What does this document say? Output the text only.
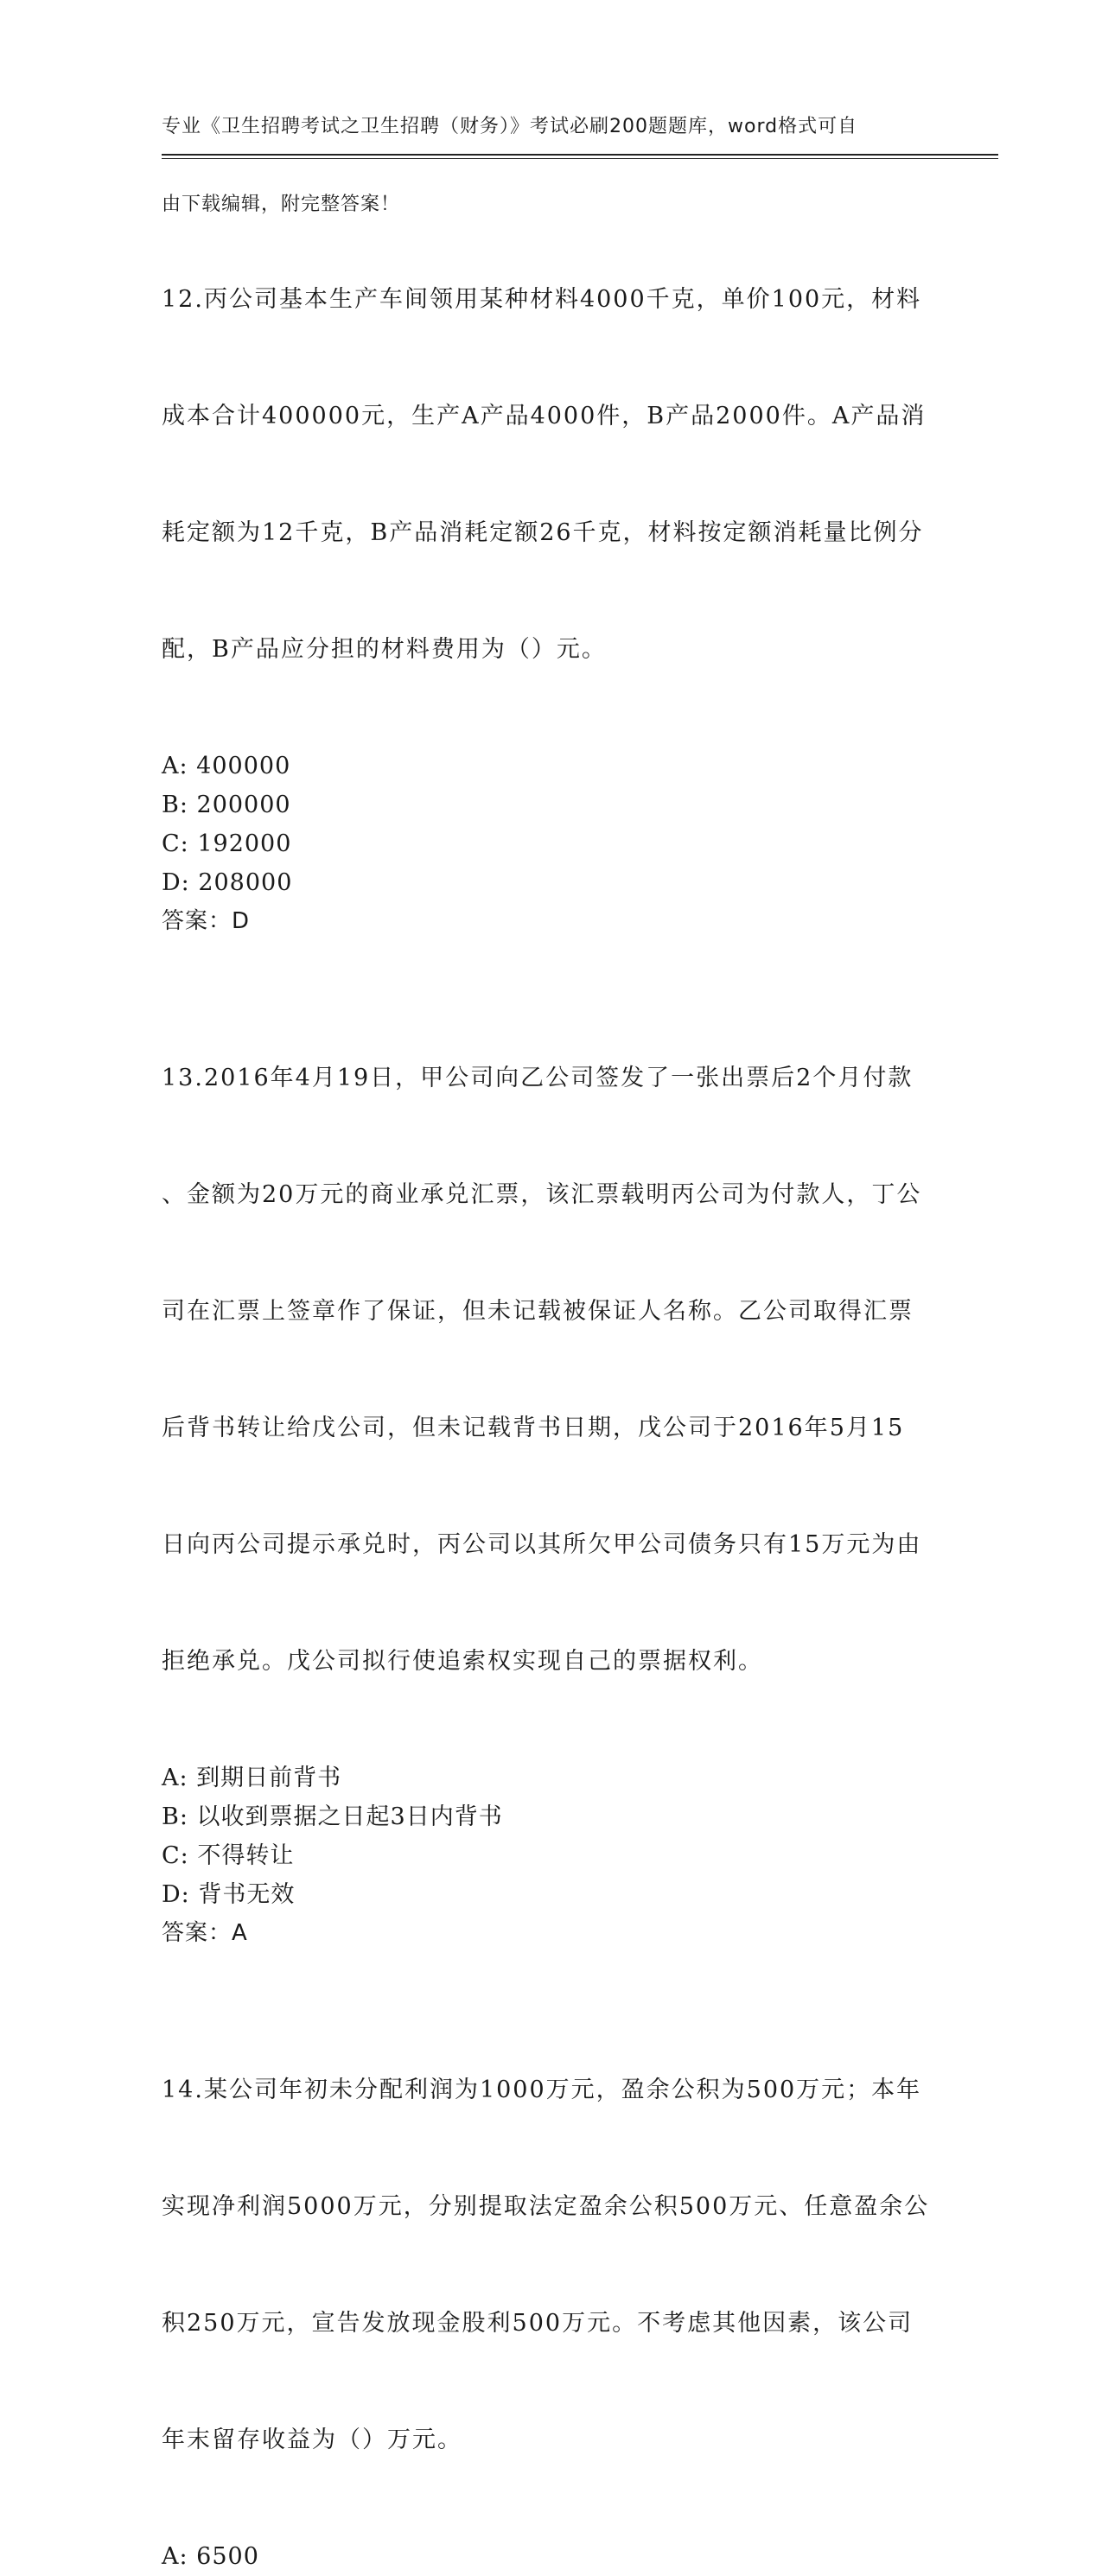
专业《卫生招聘考试之卫生招聘（财务）》考试必刷200题题库，word格式可自

由下载编辑，附完整答案！

12.丙公司基本生产车间领用某种材料4000千克，单价100元，材料

成本合计400000元，生产A产品4000件，B产品2000件。A产品消

耗定额为12千克，B产品消耗定额26千克，材料按定额消耗量比例分

配，B产品应分担的材料费用为（）元。

A: 400000
B: 200000
C: 192000
D: 208000
答案：D

13.2016年4月19日，甲公司向乙公司签发了一张出票后2个月付款

、金额为20万元的商业承兑汇票，该汇票载明丙公司为付款人，丁公

司在汇票上签章作了保证，但未记载被保证人名称。乙公司取得汇票

后背书转让给戊公司，但未记载背书日期，戊公司于2016年5月15

日向丙公司提示承兑时，丙公司以其所欠甲公司债务只有15万元为由

拒绝承兑。戊公司拟行使追索权实现自己的票据权利。

A: 到期日前背书
B: 以收到票据之日起3日内背书
C: 不得转让
D: 背书无效
答案：A

14.某公司年初未分配利润为1000万元，盈余公积为500万元；本年

实现净利润5000万元，分别提取法定盈余公积500万元、任意盈余公

积250万元，宣告发放现金股利500万元。不考虑其他因素，该公司

年末留存收益为（）万元。

A: 6500
